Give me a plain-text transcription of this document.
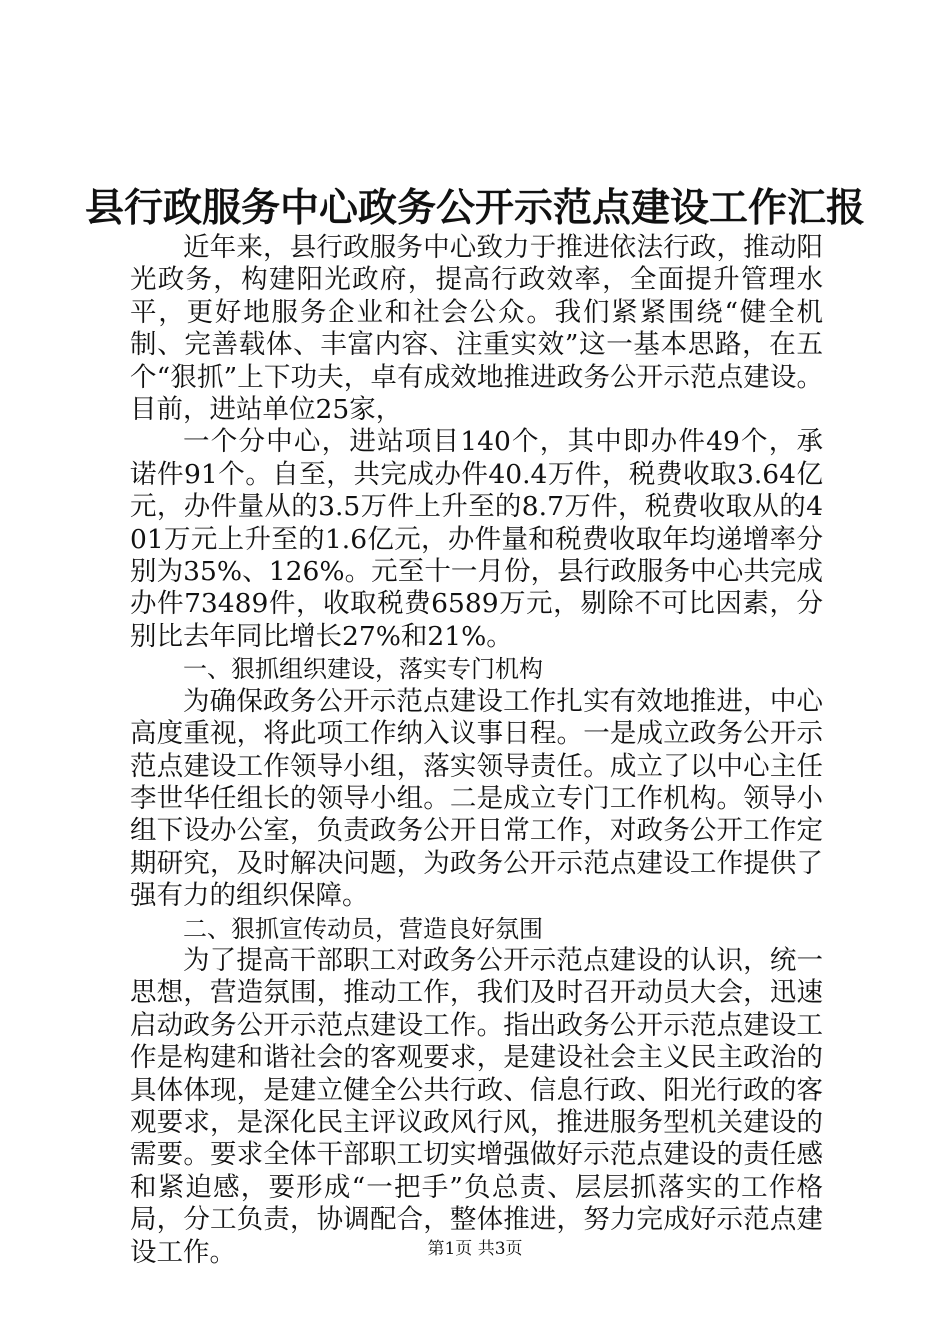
县行政服务中心政务公开示范点建设工作汇报

近年来，县行政服务中心致力于推进依法行政，推动阳光政务，构建阳光政府，提高行政效率，全面提升管理水平，更好地服务企业和社会公众。我们紧紧围绕“健全机制、完善载体、丰富内容、注重实效”这一基本思路，在五个“狠抓”上下功夫，卓有成效地推进政务公开示范点建设。目前，进站单位25家，

一个分中心，进站项目140个，其中即办件49个，承诺件91个。自至，共完成办件40.4万件，税费收取3.64亿元，办件量从的3.5万件上升至的8.7万件，税费收取从的401万元上升至的1.6亿元，办件量和税费收取年均递增率分别为35%、126%。元至十一月份，县行政服务中心共完成办件73489件，收取税费6589万元，剔除不可比因素，分别比去年同比增长27%和21%。

一、狠抓组织建设，落实专门机构

为确保政务公开示范点建设工作扎实有效地推进，中心高度重视，将此项工作纳入议事日程。一是成立政务公开示范点建设工作领导小组，落实领导责任。成立了以中心主任李世华任组长的领导小组。二是成立专门工作机构。领导小组下设办公室，负责政务公开日常工作，对政务公开工作定期研究，及时解决问题，为政务公开示范点建设工作提供了强有力的组织保障。

二、狠抓宣传动员，营造良好氛围

为了提高干部职工对政务公开示范点建设的认识，统一思想，营造氛围，推动工作，我们及时召开动员大会，迅速启动政务公开示范点建设工作。指出政务公开示范点建设工作是构建和谐社会的客观要求，是建设社会主义民主政治的具体体现，是建立健全公共行政、信息行政、阳光行政的客观要求，是深化民主评议政风行风，推进服务型机关建设的需要。要求全体干部职工切实增强做好示范点建设的责任感和紧迫感，要形成“一把手”负总责、层层抓落实的工作格局，分工负责，协调配合，整体推进，努力完成好示范点建设工作。	第1页 共3页
